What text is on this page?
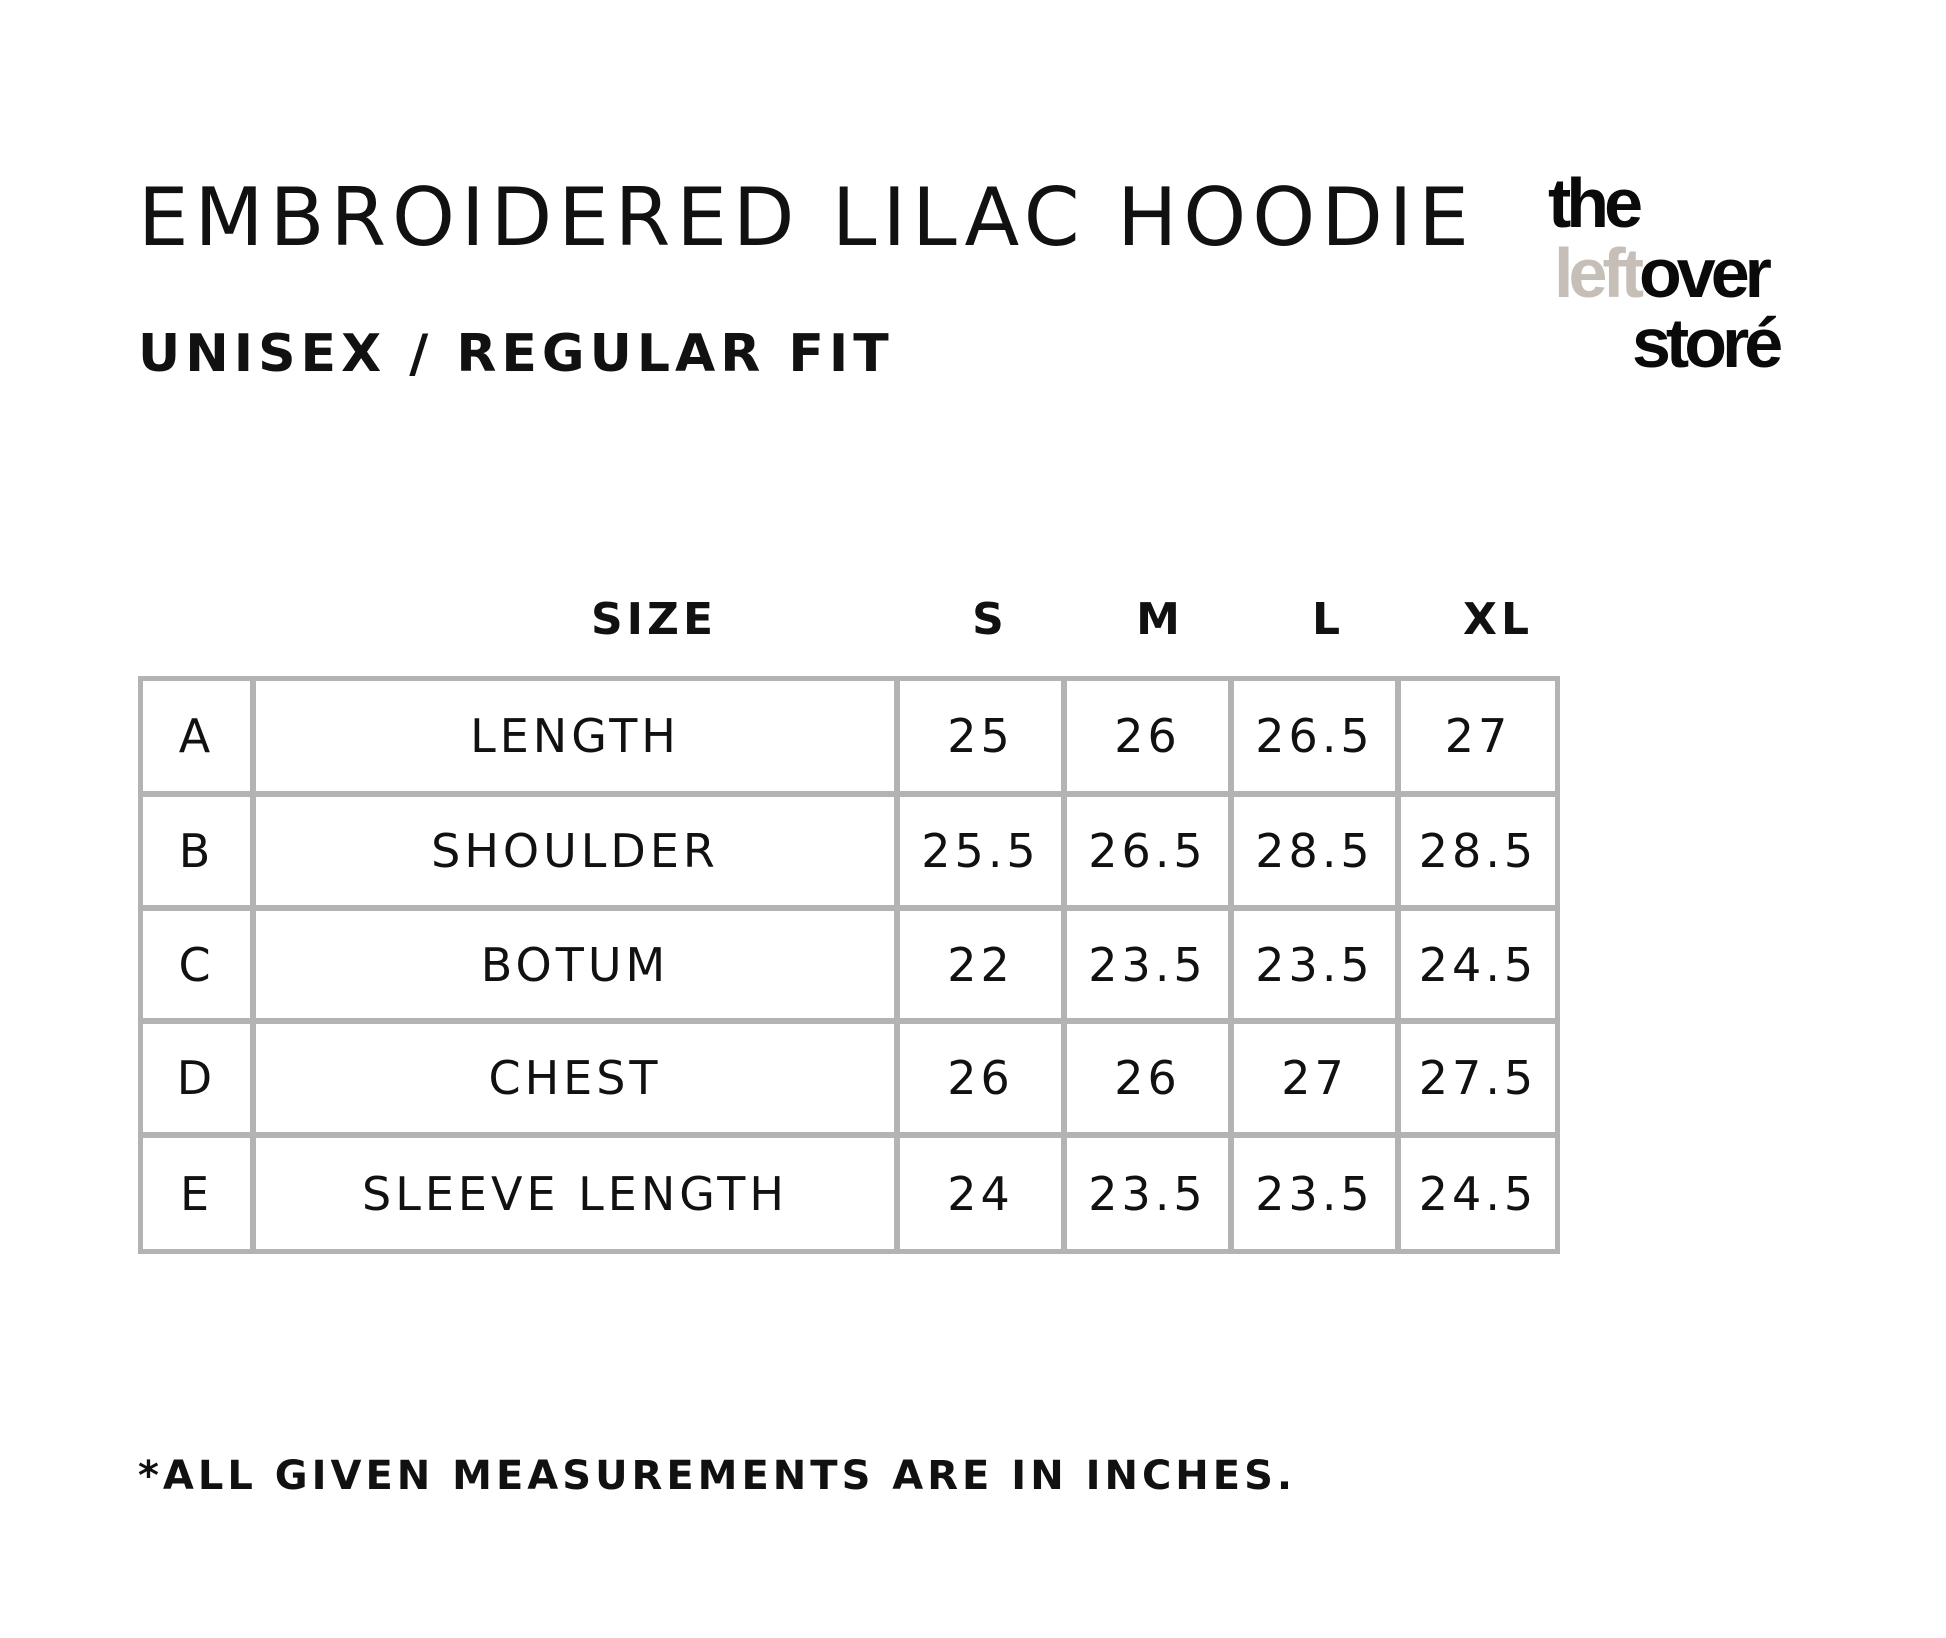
EMBROIDERED LILAC HOODIE
UNISEX / REGULAR FIT
the
leftover
storé
SIZE	S	M	L	XL
A	LENGTH	25	26	26.5	27
B	SHOULDER	25.5	26.5	28.5 28.5
C	BOTUM	22	23.5	23.5 24.5
D	CHEST	26	26	27	27.5
E	SLEEVE LENGTH	24	23.5	23.5 24.5
*ALL GIVEN MEASUREMENTS ARE IN INCHES.
